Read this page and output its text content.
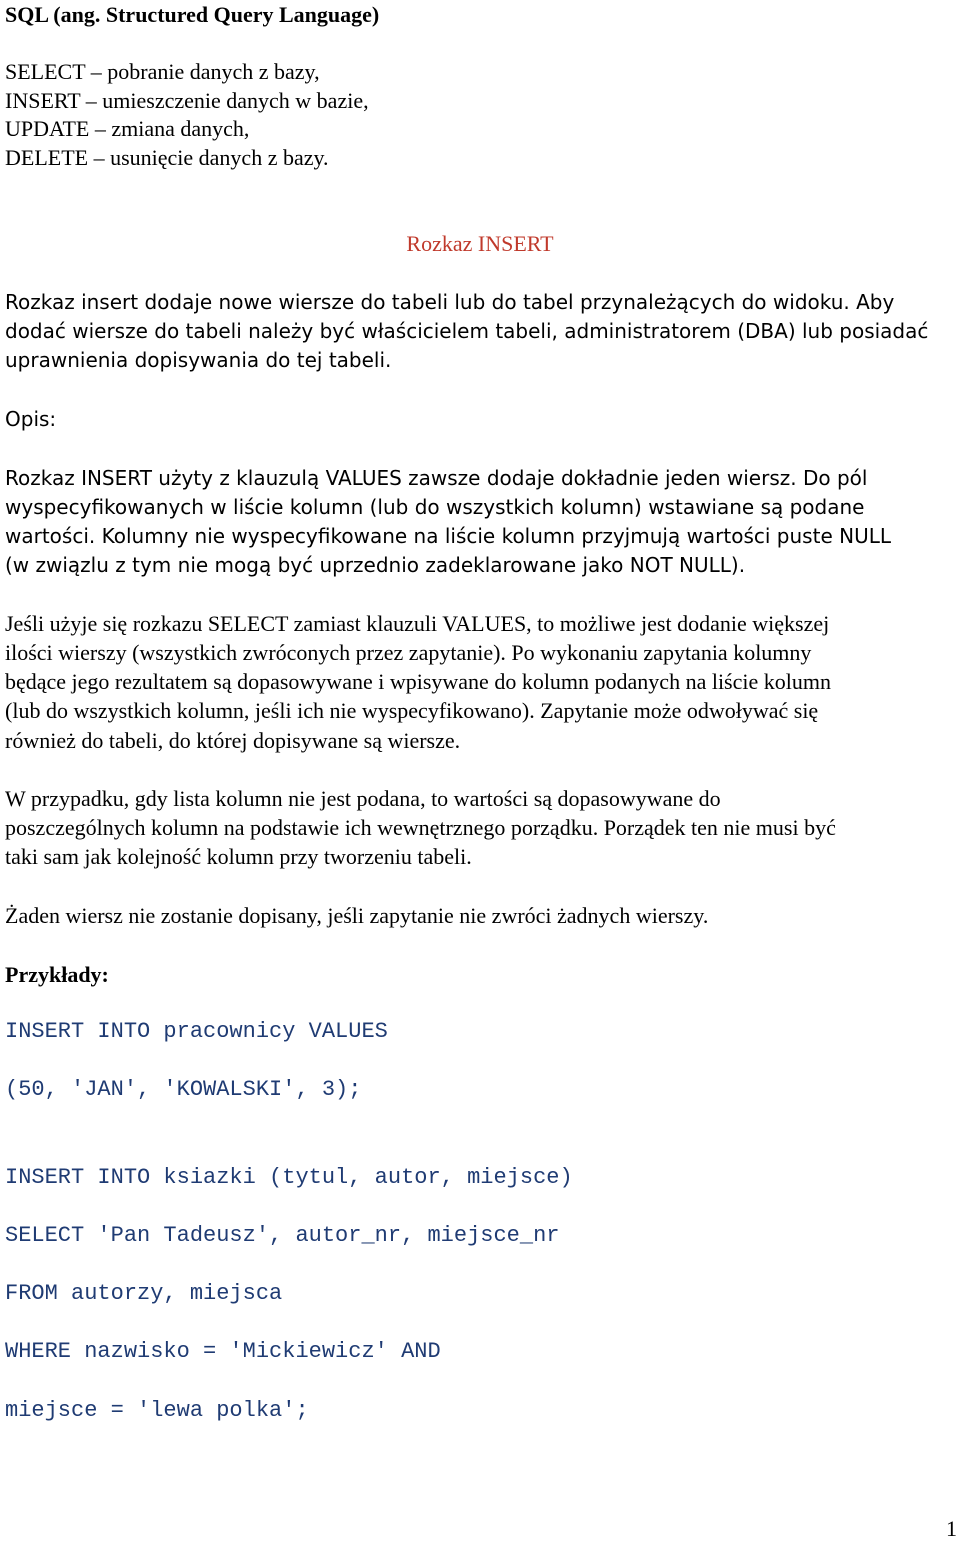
SQL (ang. Structured Query Language)

SELECT – pobranie danych z bazy,

INSERT – umieszczenie danych w bazie,

UPDATE – zmiana danych,

DELETE – usunięcie danych z bazy.

Rozkaz INSERT

Rozkaz insert dodaje nowe wiersze do tabeli lub do tabel przynależących do widoku. Aby

dodać wiersze do tabeli należy być właścicielem tabeli, administratorem (DBA) lub posiadać

uprawnienia dopisywania do tej tabeli.

Opis:

Rozkaz INSERT użyty z klauzulą VALUES zawsze dodaje dokładnie jeden wiersz. Do pól

wyspecyfikowanych w liście kolumn (lub do wszystkich kolumn) wstawiane są podane

wartości. Kolumny nie wyspecyfikowane na liście kolumn przyjmują wartości puste NULL

(w związlu z tym nie mogą być uprzednio zadeklarowane jako NOT NULL).

Jeśli użyje się rozkazu SELECT zamiast klauzuli VALUES, to możliwe jest dodanie większej

ilości wierszy (wszystkich zwróconych przez zapytanie). Po wykonaniu zapytania kolumny

będące jego rezultatem są dopasowywane i wpisywane do kolumn podanych na liście kolumn

(lub do wszystkich kolumn, jeśli ich nie wyspecyfikowano). Zapytanie może odwoływać się

również do tabeli, do której dopisywane są wiersze.

W przypadku, gdy lista kolumn nie jest podana, to wartości są dopasowywane do

poszczególnych kolumn na podstawie ich wewnętrznego porządku. Porządek ten nie musi być

taki sam jak kolejność kolumn przy tworzeniu tabeli.

Żaden wiersz nie zostanie dopisany, jeśli zapytanie nie zwróci żadnych wierszy.

Przykłady:

INSERT INTO pracownicy VALUES

(50, 'JAN', 'KOWALSKI', 3);

INSERT INTO ksiazki (tytul, autor, miejsce)

SELECT 'Pan Tadeusz', autor_nr, miejsce_nr

FROM autorzy, miejsca

WHERE nazwisko = 'Mickiewicz' AND

miejsce = 'lewa polka';

1
